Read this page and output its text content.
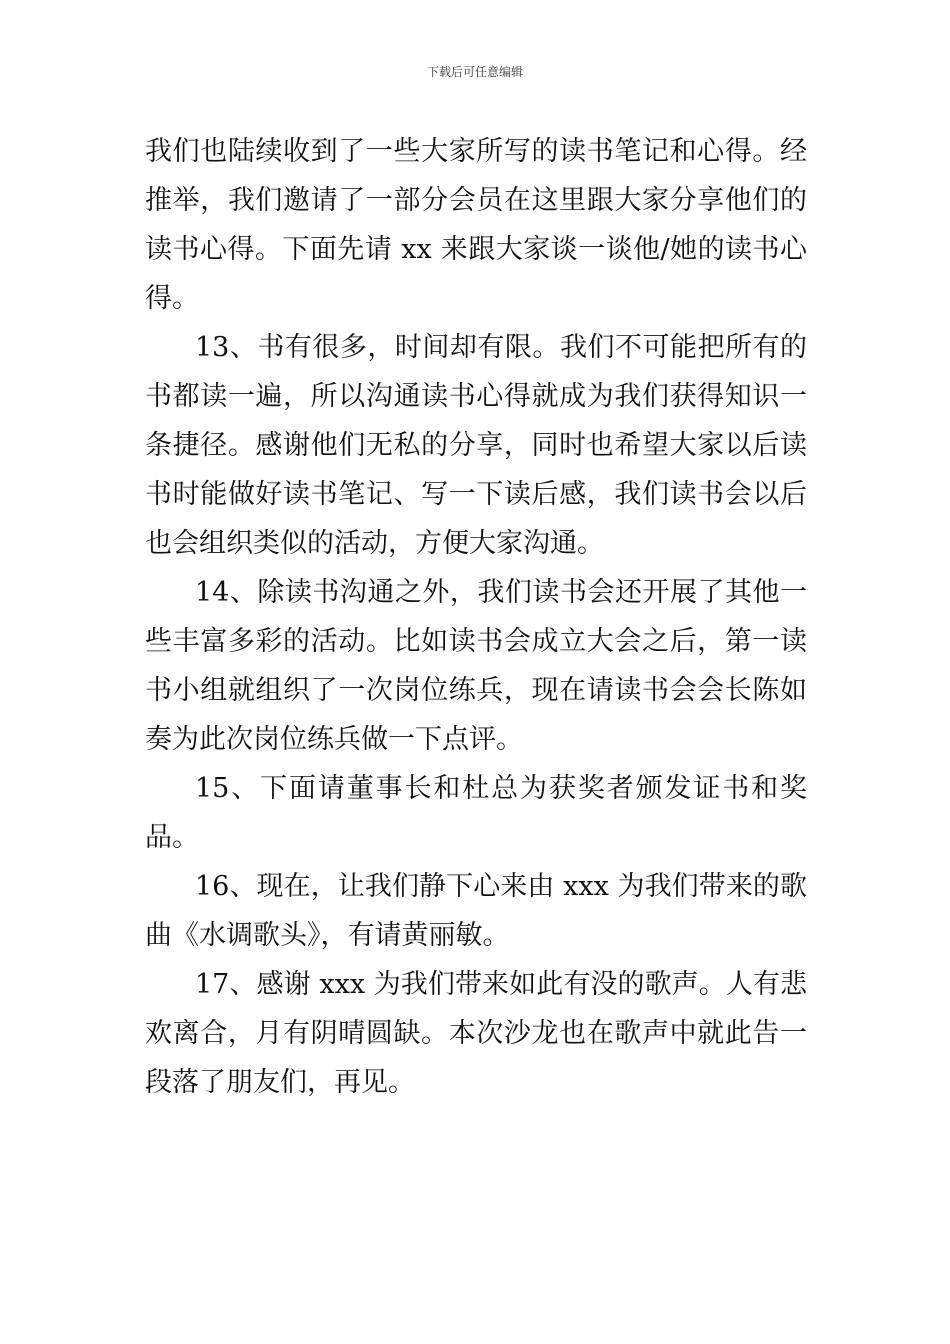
下载后可任意编辑

我们也陆续收到了一些大家所写的读书笔记和心得。经推举，我们邀请了一部分会员在这里跟大家分享他们的读书心得。下面先请 xx 来跟大家谈一谈他/她的读书心得。

13、书有很多，时间却有限。我们不可能把所有的书都读一遍，所以沟通读书心得就成为我们获得知识一条捷径。感谢他们无私的分享，同时也希望大家以后读书时能做好读书笔记、写一下读后感，我们读书会以后也会组织类似的活动，方便大家沟通。

14、除读书沟通之外，我们读书会还开展了其他一些丰富多彩的活动。比如读书会成立大会之后，第一读书小组就组织了一次岗位练兵，现在请读书会会长陈如奏为此次岗位练兵做一下点评。

15、下面请董事长和杜总为获奖者颁发证书和奖品。

16、现在，让我们静下心来由 xxx 为我们带来的歌曲《水调歌头》，有请黄丽敏。

17、感谢 xxx 为我们带来如此有没的歌声。人有悲欢离合，月有阴晴圆缺。本次沙龙也在歌声中就此告一段落了朋友们，再见。
